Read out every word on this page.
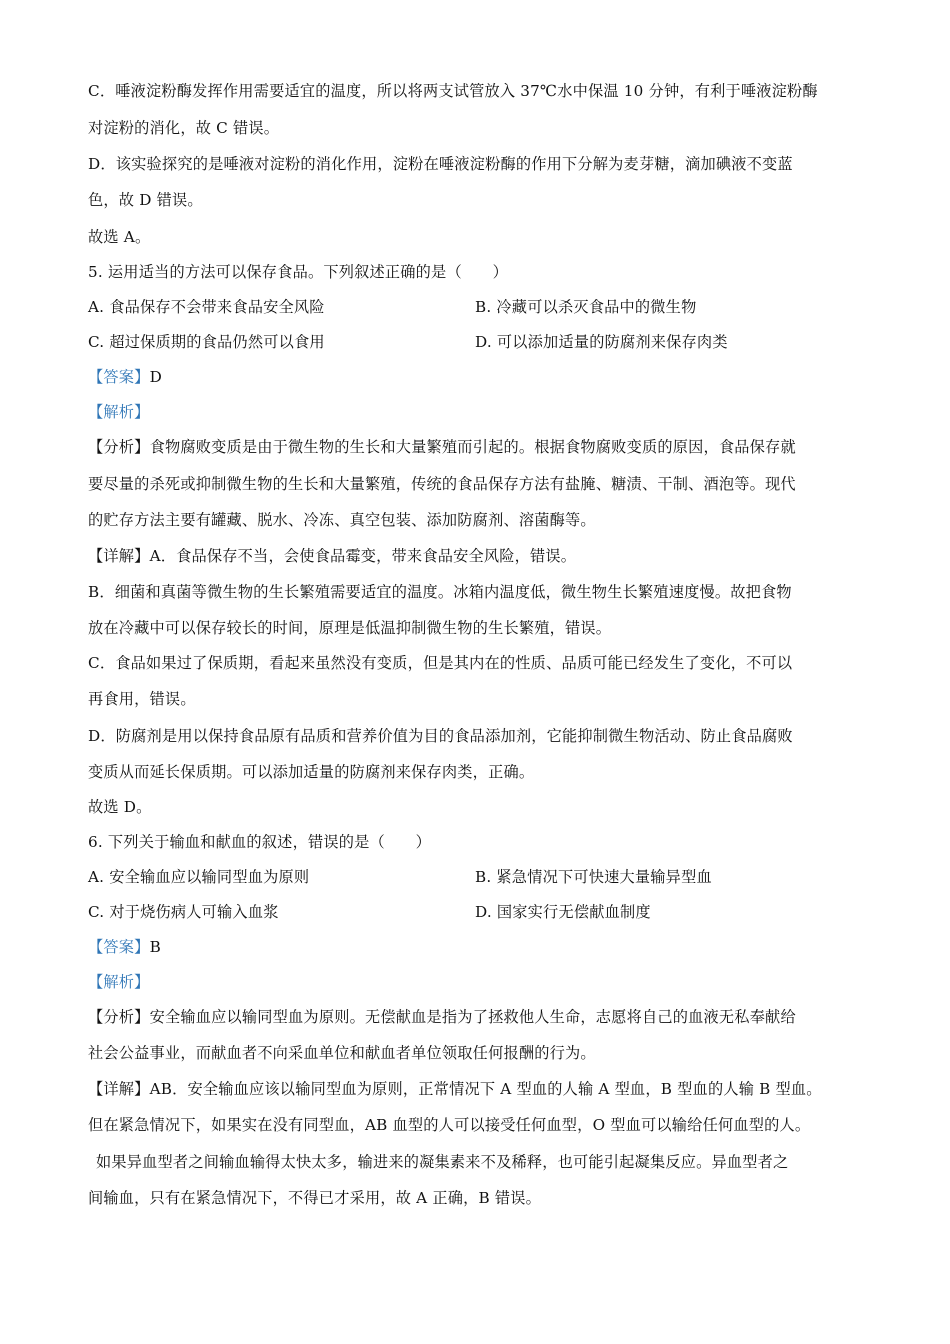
C．唾液淀粉酶发挥作用需要适宜的温度，所以将两支试管放入 37℃水中保温 10 分钟，有利于唾液淀粉酶
对淀粉的消化，故 C 错误。
D．该实验探究的是唾液对淀粉的消化作用，淀粉在唾液淀粉酶的作用下分解为麦芽糖，滴加碘液不变蓝
色，故 D 错误。
故选 A。
5. 运用适当的方法可以保存食品。下列叙述正确的是（　　）
A. 食品保存不会带来食品安全风险	B. 冷藏可以杀灭食品中的微生物
C. 超过保质期的食品仍然可以食用	D. 可以添加适量的防腐剂来保存肉类
【答案】D
【解析】
【分析】食物腐败变质是由于微生物的生长和大量繁殖而引起的。根据食物腐败变质的原因，食品保存就
要尽量的杀死或抑制微生物的生长和大量繁殖，传统的食品保存方法有盐腌、糖渍、干制、酒泡等。现代
的贮存方法主要有罐藏、脱水、冷冻、真空包装、添加防腐剂、溶菌酶等。
【详解】A．食品保存不当，会使食品霉变，带来食品安全风险，错误。
B．细菌和真菌等微生物的生长繁殖需要适宜的温度。冰箱内温度低，微生物生长繁殖速度慢。故把食物
放在冷藏中可以保存较长的时间，原理是低温抑制微生物的生长繁殖，错误。
C．食品如果过了保质期，看起来虽然没有变质，但是其内在的性质、品质可能已经发生了变化，不可以
再食用，错误。
D．防腐剂是用以保持食品原有品质和营养价值为目的食品添加剂，它能抑制微生物活动、防止食品腐败
变质从而延长保质期。可以添加适量的防腐剂来保存肉类，正确。
故选 D。
6. 下列关于输血和献血的叙述，错误的是（　　）
A. 安全输血应以输同型血为原则	B. 紧急情况下可快速大量输异型血
C. 对于烧伤病人可输入血浆	D. 国家实行无偿献血制度
【答案】B
【解析】
【分析】安全输血应以输同型血为原则。无偿献血是指为了拯救他人生命，志愿将自己的血液无私奉献给
社会公益事业，而献血者不向采血单位和献血者单位领取任何报酬的行为。
【详解】AB．安全输血应该以输同型血为原则，正常情况下 A 型血的人输 A 型血，B 型血的人输 B 型血。
但在紧急情况下，如果实在没有同型血，AB 血型的人可以接受任何血型，O 型血可以输给任何血型的人。
如果异血型者之间输血输得太快太多，输进来的凝集素来不及稀释，也可能引起凝集反应。异血型者之
间输血，只有在紧急情况下，不得已才采用，故 A 正确，B 错误。
